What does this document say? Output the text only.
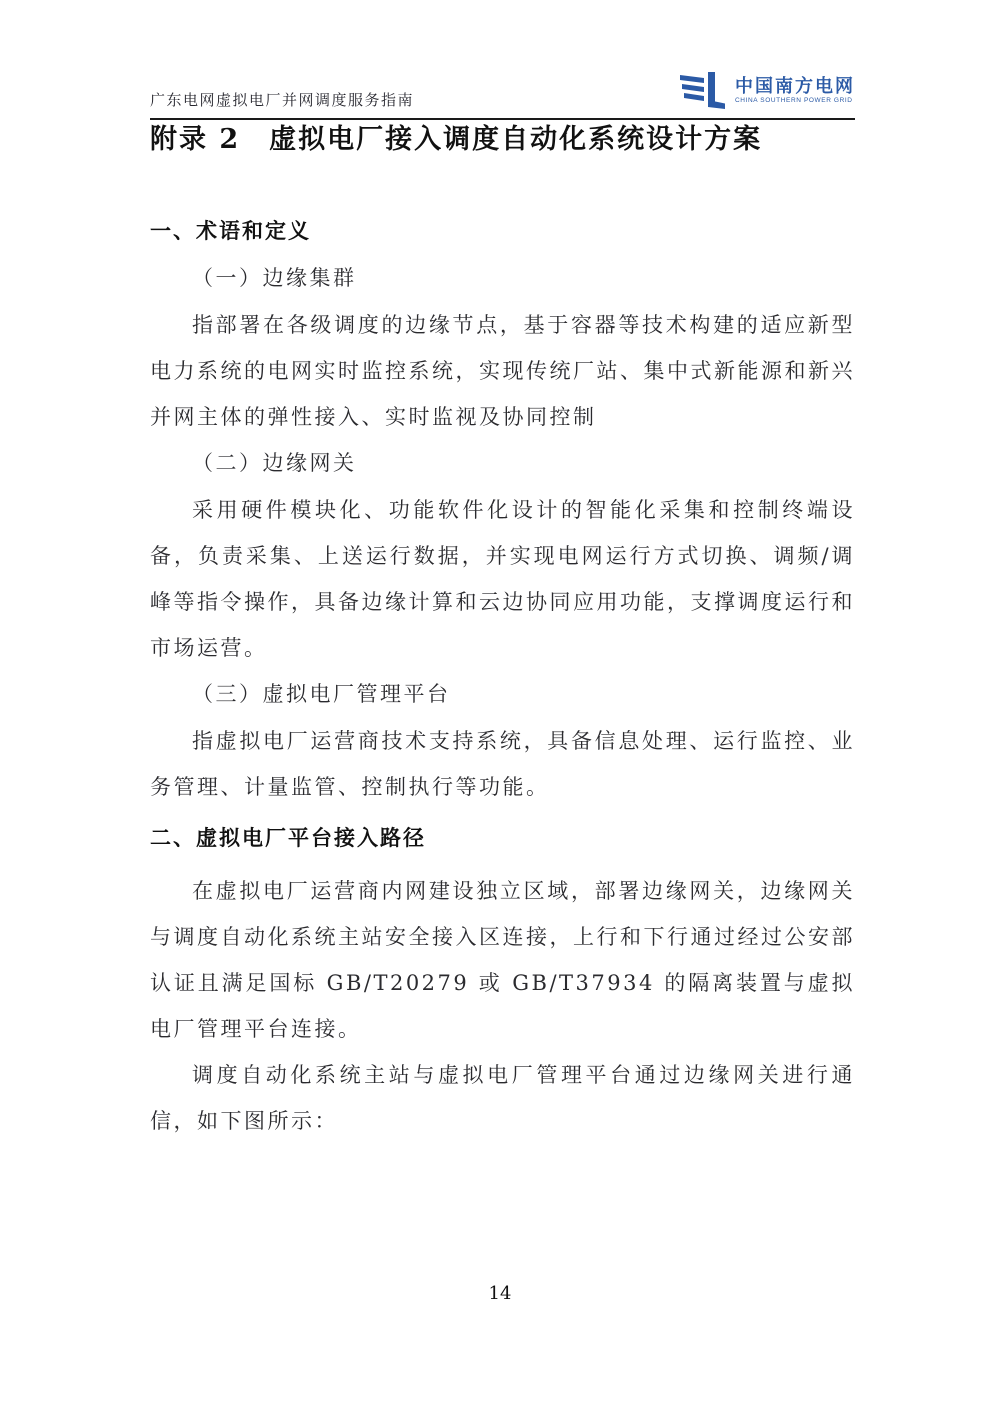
广东电网虚拟电厂并网调度服务指南
中国南方电网
CHINA SOUTHERN POWER GRID
附录 2　虚拟电厂接入调度自动化系统设计方案
一、术语和定义

（一）边缘集群

指部署在各级调度的边缘节点，基于容器等技术构建的适应新型电力系统的电网实时监控系统，实现传统厂站、集中式新能源和新兴并网主体的弹性接入、实时监视及协同控制

（二）边缘网关

采用硬件模块化、功能软件化设计的智能化采集和控制终端设备，负责采集、上送运行数据，并实现电网运行方式切换、调频/调峰等指令操作，具备边缘计算和云边协同应用功能，支撑调度运行和市场运营。

（三）虚拟电厂管理平台

指虚拟电厂运营商技术支持系统，具备信息处理、运行监控、业务管理、计量监管、控制执行等功能。

二、虚拟电厂平台接入路径

在虚拟电厂运营商内网建设独立区域，部署边缘网关，边缘网关与调度自动化系统主站安全接入区连接，上行和下行通过经过公安部认证且满足国标 GB/T20279 或 GB/T37934 的隔离装置与虚拟电厂管理平台连接。

调度自动化系统主站与虚拟电厂管理平台通过边缘网关进行通信，如下图所示：

14
